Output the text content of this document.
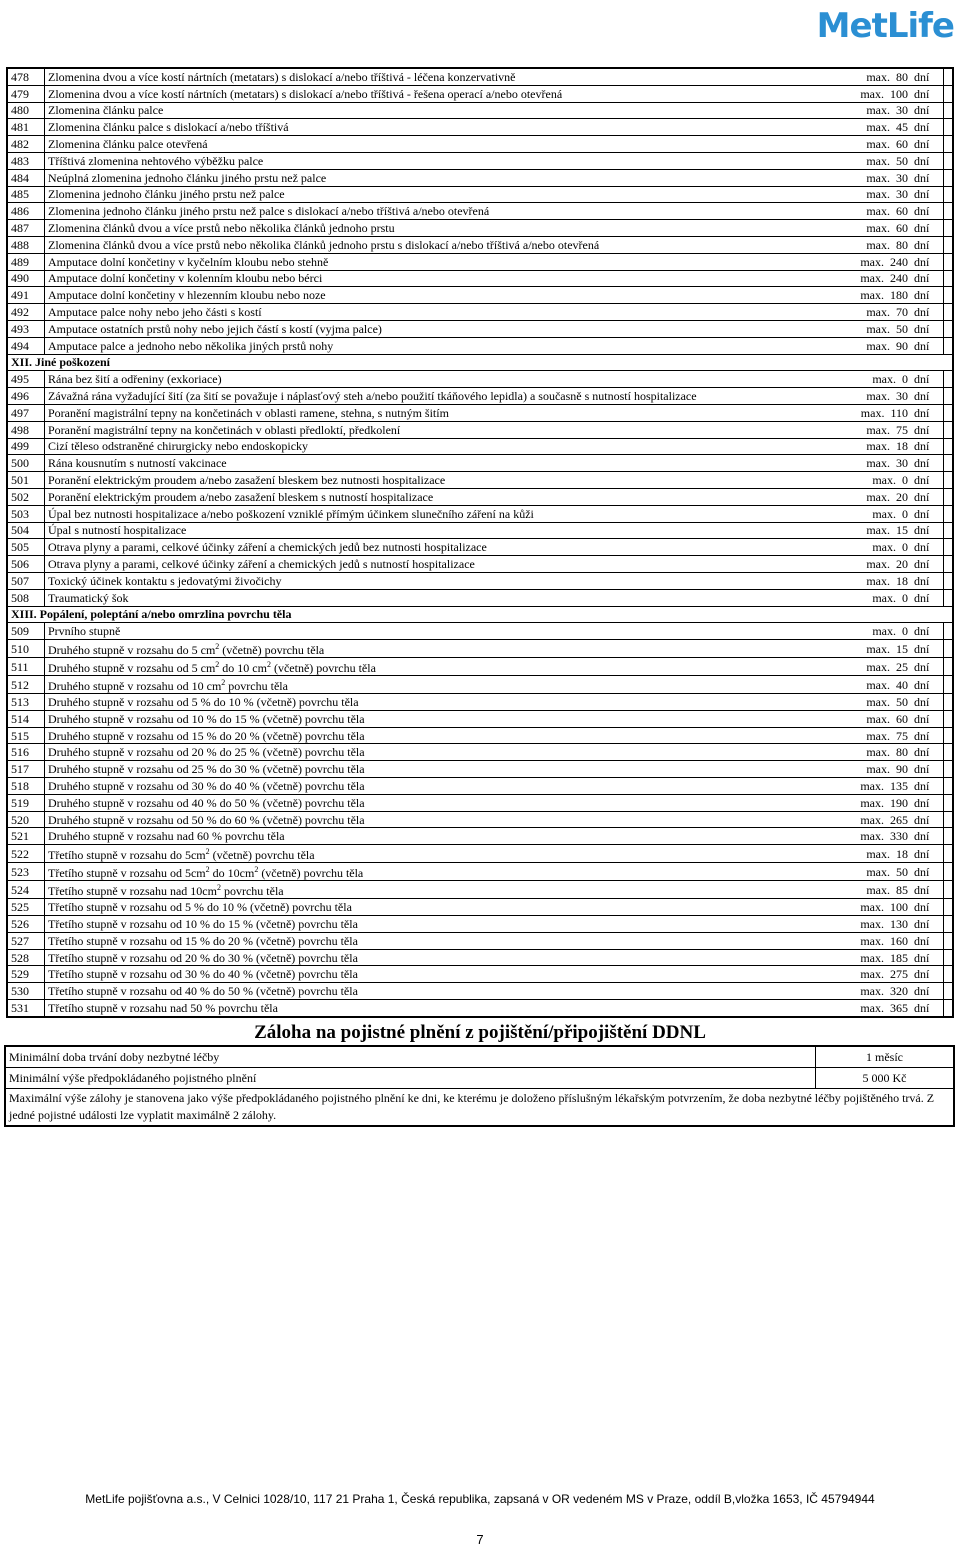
MetLife
478	Zlomenina dvou a více kostí nártních (metatars) s dislokací a/nebo tříštivá - léčena konzervativně	max.  80	dní	
479	Zlomenina dvou a více kostí nártních (metatars) s dislokací a/nebo tříštivá - řešena operací a/nebo otevřená	max.  100	dní	
480	Zlomenina článku palce	max.  30	dní	
481	Zlomenina článku palce s dislokací a/nebo tříštivá	max.  45	dní	
482	Zlomenina článku palce otevřená	max.  60	dní	
483	Tříštivá zlomenina nehtového výběžku palce	max.  50	dní	
484	Neúplná zlomenina jednoho článku jiného prstu než palce	max.  30	dní	
485	Zlomenina jednoho článku jiného prstu než palce	max.  30	dní	
486	Zlomenina jednoho článku jiného prstu než palce s dislokací a/nebo tříštivá a/nebo otevřená	max.  60	dní	
487	Zlomenina článků dvou a více prstů nebo několika článků jednoho prstu	max.  60	dní	
488	Zlomenina článků dvou a více prstů nebo několika článků jednoho prstu s dislokací a/nebo tříštivá a/nebo otevřená	max.  80	dní	
489	Amputace dolní končetiny v kyčelním kloubu nebo stehně	max.  240	dní	
490	Amputace dolní končetiny v kolenním kloubu nebo bérci	max.  240	dní	
491	Amputace dolní končetiny v hlezenním kloubu nebo noze	max.  180	dní	
492	Amputace palce nohy nebo jeho části s kostí	max.  70	dní	
493	Amputace ostatních prstů nohy nebo jejich částí s kostí (vyjma palce)	max.  50	dní	
494	Amputace palce a jednoho nebo několika jiných prstů nohy	max.  90	dní	
XII. Jiné poškození				
495	Rána bez šití a odřeniny (exkoriace)	max.  0	dní	
496	Závažná rána vyžadující šití (za šití se považuje i náplasťový steh a/nebo použití tkáňového lepidla) a současně s nutností hospitalizace	max.  30	dní	
497	Poranění magistrální tepny na končetinách v oblasti ramene, stehna, s nutným šitím	max.  110	dní	
498	Poranění magistrální tepny na končetinách v oblasti předloktí, předkolení	max.  75	dní	
499	Cizí těleso odstraněné chirurgicky nebo endoskopicky	max.  18	dní	
500	Rána kousnutím s nutností vakcinace	max.  30	dní	
501	Poranění elektrickým proudem a/nebo zasažení bleskem bez nutnosti hospitalizace	max.  0	dní	
502	Poranění elektrickým proudem a/nebo zasažení bleskem s nutností hospitalizace	max.  20	dní	
503	Úpal bez nutnosti hospitalizace a/nebo poškození vzniklé přímým účinkem slunečního záření na kůži	max.  0	dní	
504	Úpal s nutností hospitalizace	max.  15	dní	
505	Otrava plyny a parami, celkové účinky záření a chemických jedů bez nutnosti hospitalizace	max.  0	dní	
506	Otrava plyny a parami, celkové účinky záření a chemických jedů s nutností hospitalizace	max.  20	dní	
507	Toxický účinek kontaktu s jedovatými živočichy	max.  18	dní	
508	Traumatický šok	max.  0	dní	
XIII. Popálení, poleptání a/nebo omrzlina povrchu těla				
509	Prvního stupně	max.  0	dní	
510	Druhého stupně v rozsahu do 5 $cm^2$ (včetně) povrchu těla	max.  15	dní	
511	Druhého stupně v rozsahu od 5 $cm^2$ do 10 $cm^2$ (včetně) povrchu těla	max.  25	dní	
512	Druhého stupně v rozsahu od 10 $cm^2$ povrchu těla	max.  40	dní	
513	Druhého stupně v rozsahu od 5 % do 10 % (včetně) povrchu těla	max.  50	dní	
514	Druhého stupně v rozsahu od 10 % do 15 % (včetně) povrchu těla	max.  60	dní	
515	Druhého stupně v rozsahu od 15 % do 20 % (včetně) povrchu těla	max.  75	dní	
516	Druhého stupně v rozsahu od 20 % do 25 % (včetně) povrchu těla	max.  80	dní	
517	Druhého stupně v rozsahu od 25 % do 30 % (včetně) povrchu těla	max.  90	dní	
518	Druhého stupně v rozsahu od 30 % do 40 % (včetně) povrchu těla	max.  135	dní	
519	Druhého stupně v rozsahu od 40 % do 50 % (včetně) povrchu těla	max.  190	dní	
520	Druhého stupně v rozsahu od 50 % do 60 % (včetně) povrchu těla	max.  265	dní	
521	Druhého stupně v rozsahu nad 60 % povrchu těla	max.  330	dní	
522	Třetího stupně v rozsahu do $5cm^2$ (včetně) povrchu těla	max.  18	dní	
523	Třetího stupně v rozsahu od $5cm^2$ do $10cm^2$ (včetně) povrchu těla	max.  50	dní	
524	Třetího stupně v rozsahu nad $10cm^2$ povrchu těla	max.  85	dní	
525	Třetího stupně v rozsahu od 5 % do 10 % (včetně) povrchu těla	max.  100	dní	
526	Třetího stupně v rozsahu od 10 % do 15 % (včetně) povrchu těla	max.  130	dní	
527	Třetího stupně v rozsahu od 15 % do 20 % (včetně) povrchu těla	max.  160	dní	
528	Třetího stupně v rozsahu od 20 % do 30 % (včetně) povrchu těla	max.  185	dní	
529	Třetího stupně v rozsahu od 30 % do 40 % (včetně) povrchu těla	max.  275	dní	
530	Třetího stupně v rozsahu od 40 % do 50 % (včetně) povrchu těla	max.  320	dní	
531	Třetího stupně v rozsahu nad 50 % povrchu těla	max.  365	dní	
Záloha na pojistné plnění z pojištění/připojištění DDNL
Minimální doba trvání doby nezbytné léčby	1 měsíc
Minimální výše předpokládaného pojistného plnění	5 000 Kč
Maximální výše zálohy je stanovena jako výše předpokládaného pojistného plnění ke dni, ke kterému je doloženo příslušným lékařským potvrzením, že doba nezbytné léčby pojištěného trvá. Z jedné pojistné události lze vyplatit maximálně 2 zálohy.	
MetLife pojišťovna a.s., V Celnici 1028/10, 117 21 Praha 1, Česká republika, zapsaná v OR vedeném MS v Praze, oddíl B,vložka 1653, IČ 45794944
7
